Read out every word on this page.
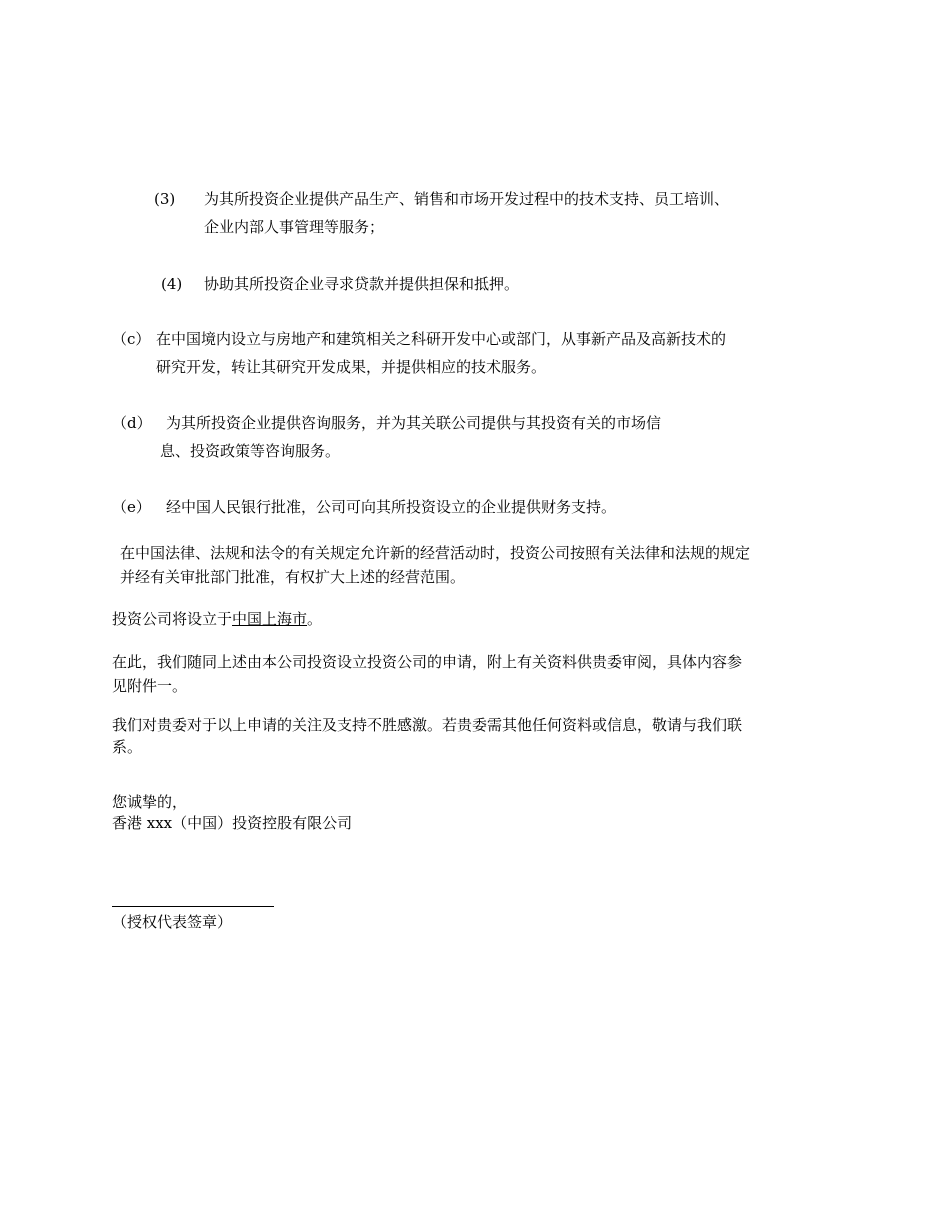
(3) 为其所投资企业提供产品生产、销售和市场开发过程中的技术支持、员工培训、
企业内部人事管理等服务；
(4) 协助其所投资企业寻求贷款并提供担保和抵押。
（c） 在中国境内设立与房地产和建筑相关之科研开发中心或部门，从事新产品及高新技术的
研究开发，转让其研究开发成果，并提供相应的技术服务。
（d） 为其所投资企业提供咨询服务，并为其关联公司提供与其投资有关的市场信
息、投资政策等咨询服务。
（e） 经中国人民银行批准，公司可向其所投资设立的企业提供财务支持。
在中国法律、法规和法令的有关规定允许新的经营活动时，投资公司按照有关法律和法规的规定
并经有关审批部门批准，有权扩大上述的经营范围。
投资公司将设立于中国上海市。
在此，我们随同上述由本公司投资设立投资公司的申请，附上有关资料供贵委审阅，具体内容参
见附件一。
我们对贵委对于以上申请的关注及支持不胜感激。若贵委需其他任何资料或信息，敬请与我们联
系。
您诚挚的，
香港 xxx（中国）投资控股有限公司
（授权代表签章）
